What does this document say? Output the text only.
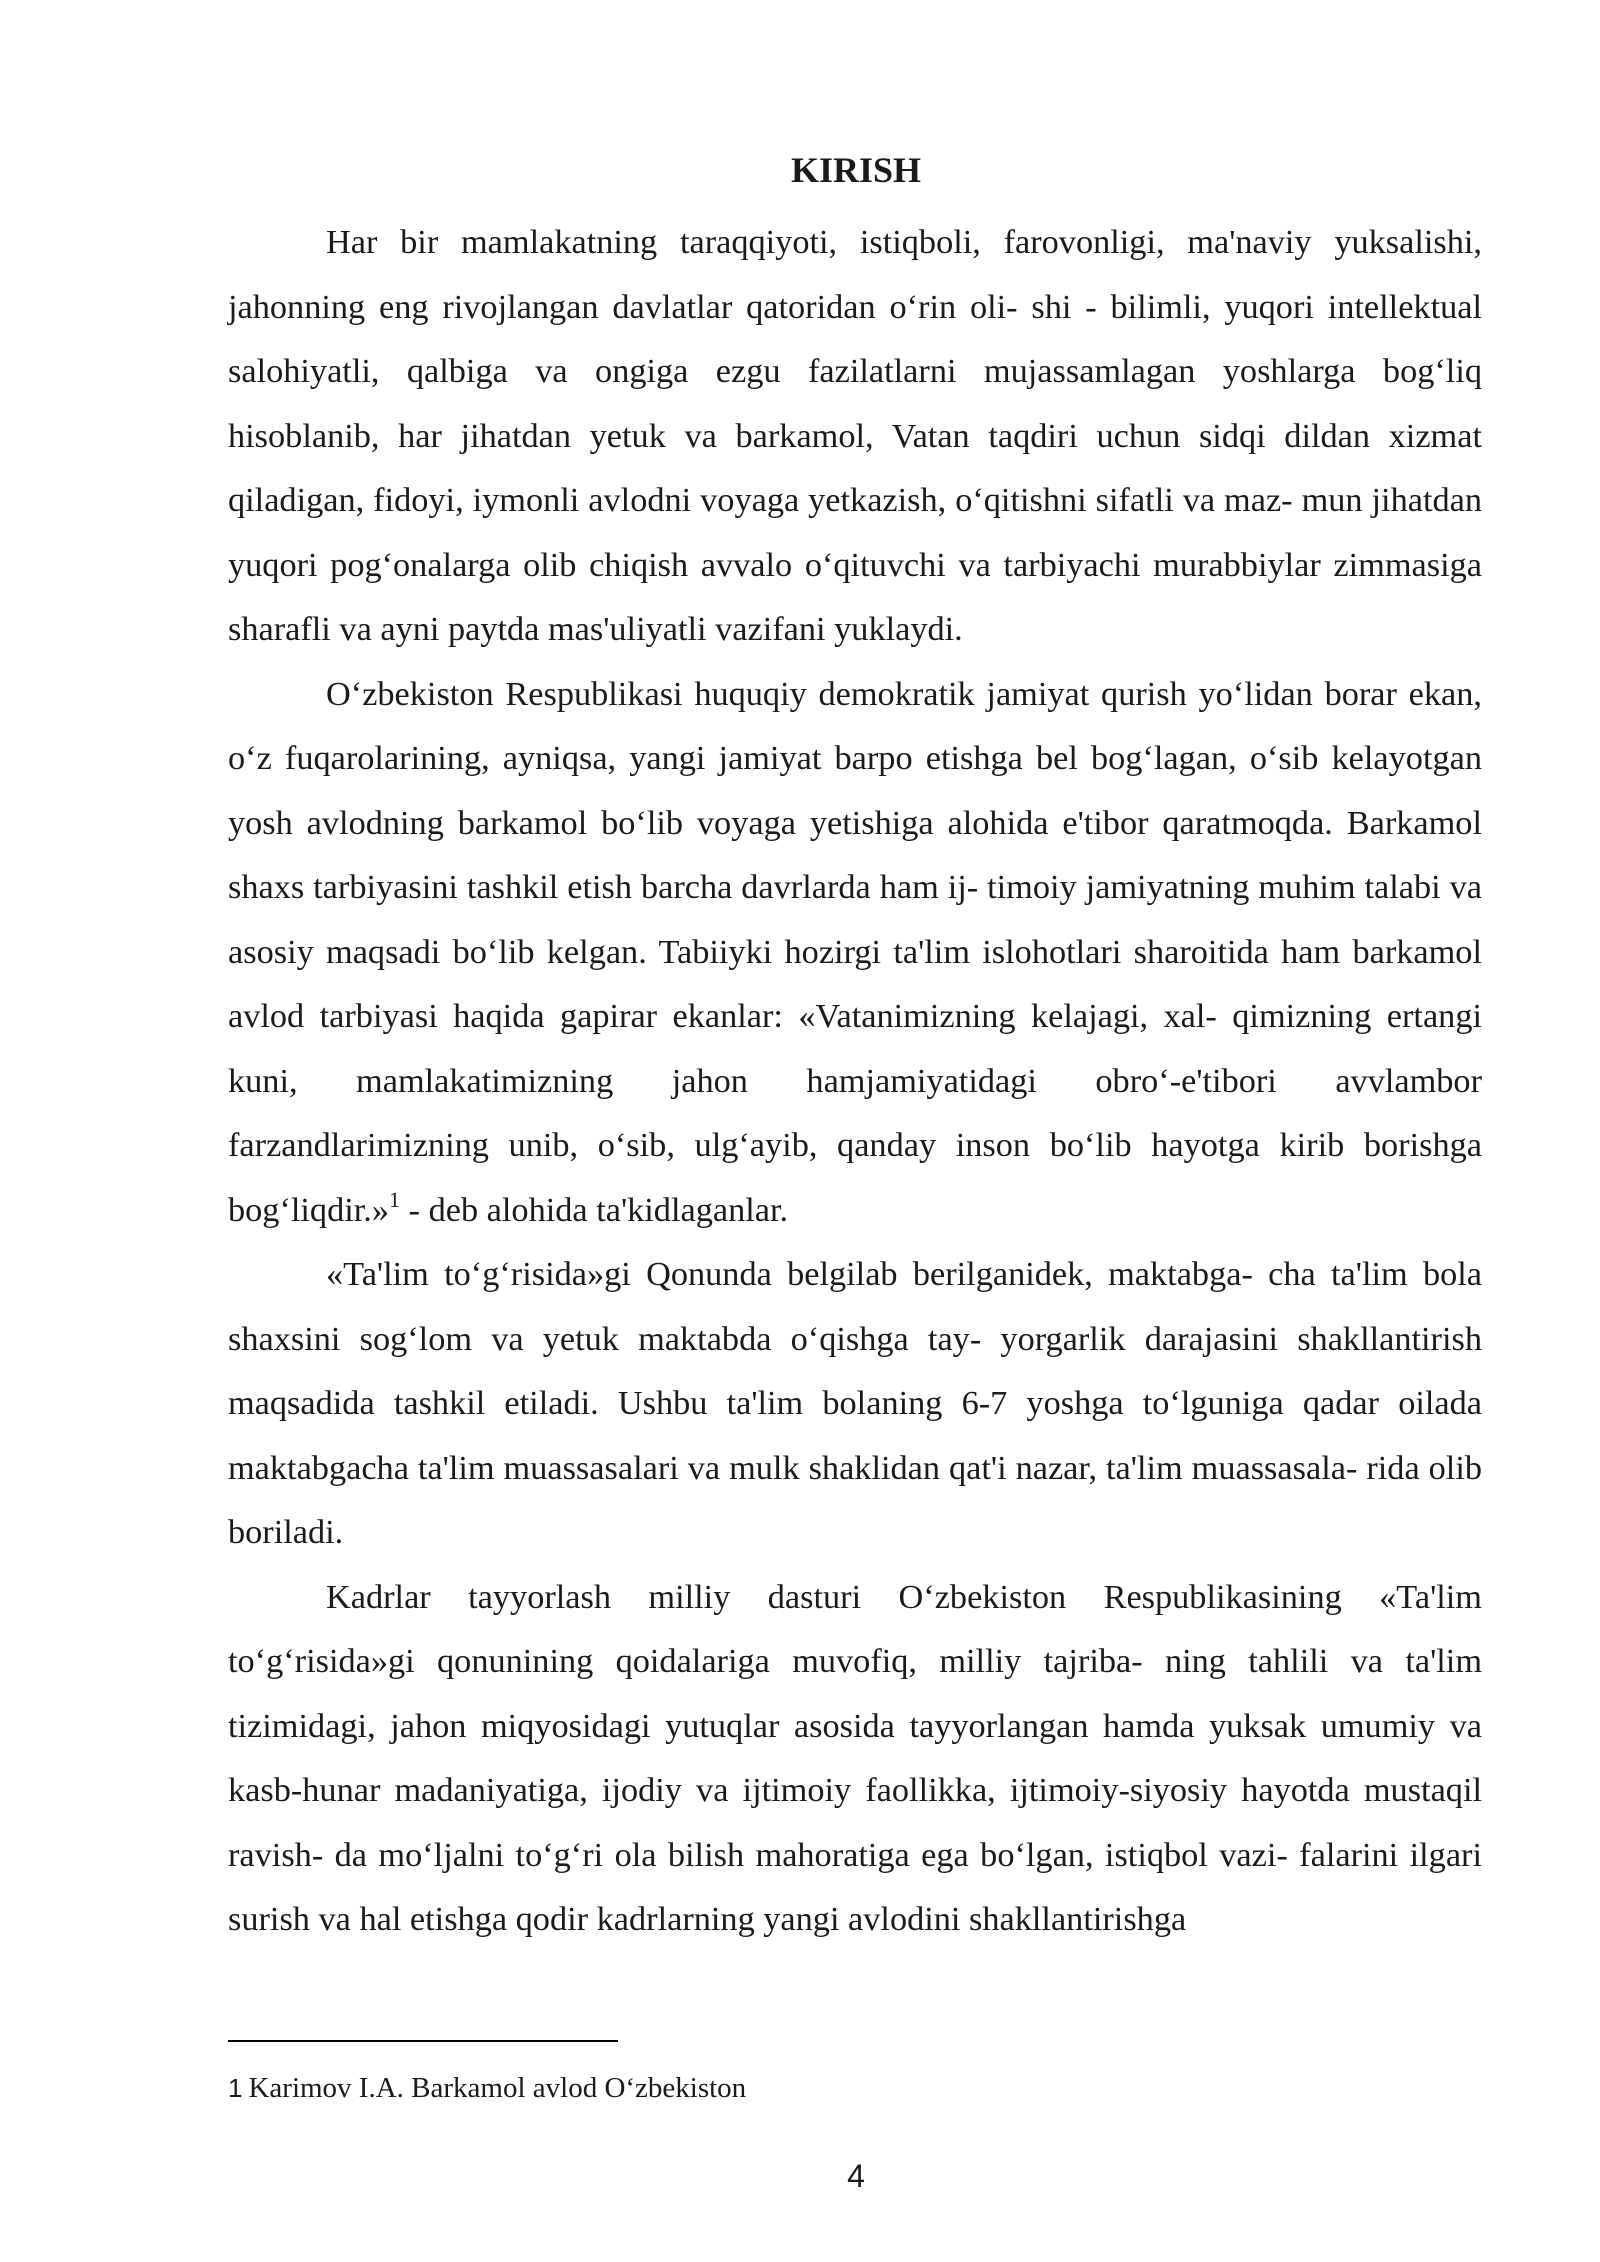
KIRISH

Har bir mamlakatning taraqqiyoti, istiqboli, farovonligi, ma'naviy yuksalishi, jahonning eng rivojlangan davlatlar qatoridan o‘rin oli- shi - bilimli, yuqori intellektual salohiyatli, qalbiga va ongiga ezgu fazilatlarni mujassamlagan yoshlarga bog‘liq hisoblanib, har jihatdan yetuk va barkamol, Vatan taqdiri uchun sidqi dildan xizmat qiladigan, fidoyi, iymonli avlodni voyaga yetkazish, o‘qitishni sifatli va maz- mun jihatdan yuqori pog‘onalarga olib chiqish avvalo o‘qituvchi va tarbiyachi murabbiylar zimmasiga sharafli va ayni paytda mas'uliyatli vazifani yuklaydi.

O‘zbekiston Respublikasi huquqiy demokratik jamiyat qurish yo‘lidan borar ekan, o‘z fuqarolarining, ayniqsa, yangi jamiyat barpo etishga bel bog‘lagan, o‘sib kelayotgan yosh avlodning barkamol bo‘lib voyaga yetishiga alohida e'tibor qaratmoqda. Barkamol shaxs tarbiyasini tashkil etish barcha davrlarda ham ij- timoiy jamiyatning muhim talabi va asosiy maqsadi bo‘lib kelgan. Tabiiyki hozirgi ta'lim islohotlari sharoitida ham barkamol avlod tarbiyasi haqida gapirar ekanlar: «Vatanimizning kelajagi, xal- qimizning ertangi kuni, mamlakatimizning jahon hamjamiyatidagi obro‘-e'tibori avvlambor farzandlarimizning unib, o‘sib, ulg‘ayib, qanday inson bo‘lib hayotga kirib borishga bog‘liqdir.»$^1$ - deb alohida ta'kidlaganlar.

«Ta'lim to‘g‘risida»gi Qonunda belgilab berilganidek, maktabga- cha ta'lim bola shaxsini sog‘lom va yetuk maktabda o‘qishga tay- yorgarlik darajasini shakllantirish maqsadida tashkil etiladi. Ushbu ta'lim bolaning 6-7 yoshga to‘lguniga qadar oilada maktabgacha ta'lim muassasalari va mulk shaklidan qat'i nazar, ta'lim muassasala- rida olib boriladi.

Kadrlar tayyorlash milliy dasturi O‘zbekiston Respublikasining «Ta'lim to‘g‘risida»gi qonunining qoidalariga muvofiq, milliy tajriba- ning tahlili va ta'lim tizimidagi, jahon miqyosidagi yutuqlar asosida tayyorlangan hamda yuksak umumiy va kasb-hunar madaniyatiga, ijodiy va ijtimoiy faollikka, ijtimoiy-siyosiy hayotda mustaqil ravish- da mo‘ljalni to‘g‘ri ola bilish mahoratiga ega bo‘lgan, istiqbol vazi- falarini ilgari surish va hal etishga qodir kadrlarning yangi avlodini shakllantirishga

1 Karimov I.A. Barkamol avlod O‘zbekiston
4
